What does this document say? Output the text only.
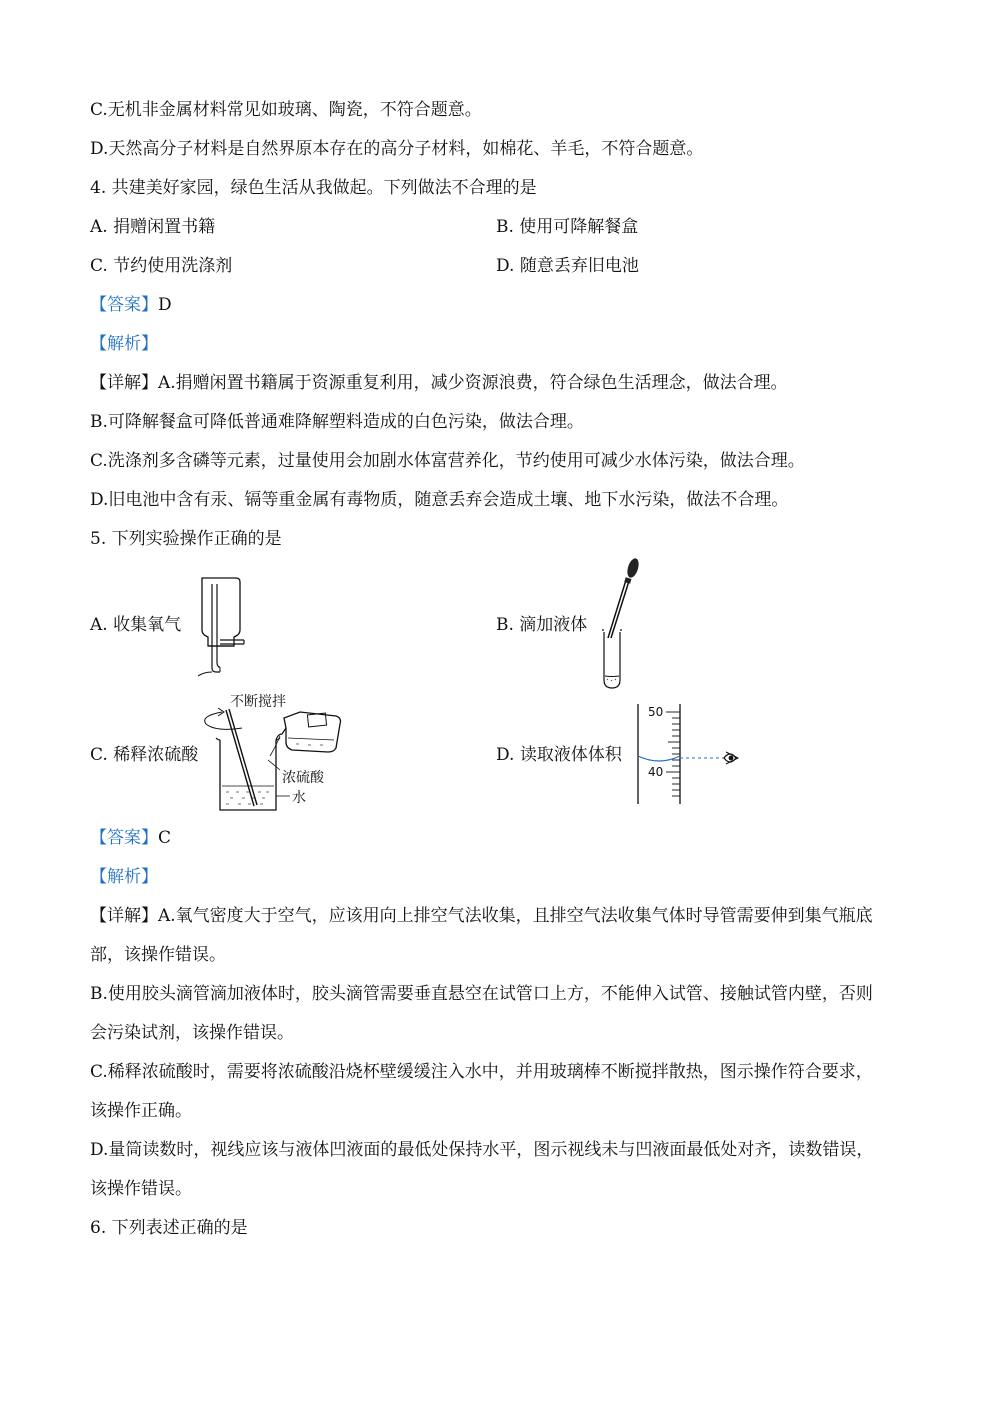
C.无机非金属材料常见如玻璃、陶瓷，不符合题意。
D.天然高分子材料是自然界原本存在的高分子材料，如棉花、羊毛，不符合题意。
4. 共建美好家园，绿色生活从我做起。下列做法不合理的是
A. 捐赠闲置书籍	B. 使用可降解餐盒
C. 节约使用洗涤剂	D. 随意丢弃旧电池
【答案】D
【解析】
【详解】A.捐赠闲置书籍属于资源重复利用，减少资源浪费，符合绿色生活理念，做法合理。
B.可降解餐盒可降低普通难降解塑料造成的白色污染，做法合理。
C.洗涤剂多含磷等元素，过量使用会加剧水体富营养化，节约使用可减少水体污染，做法合理。
D.旧电池中含有汞、镉等重金属有毒物质，随意丢弃会造成土壤、地下水污染，做法不合理。
5. 下列实验操作正确的是
A. 收集氧气	B. 滴加液体
C. 稀释浓硫酸
不断搅拌
浓硫酸
水
D. 读取液体体积
50
40
【答案】C
【解析】
【详解】A.氧气密度大于空气，应该用向上排空气法收集，且排空气法收集气体时导管需要伸到集气瓶底
部，该操作错误。
B.使用胶头滴管滴加液体时，胶头滴管需要垂直悬空在试管口上方，不能伸入试管、接触试管内壁，否则
会污染试剂，该操作错误。
C.稀释浓硫酸时，需要将浓硫酸沿烧杯壁缓缓注入水中，并用玻璃棒不断搅拌散热，图示操作符合要求，
该操作正确。
D.量筒读数时，视线应该与液体凹液面的最低处保持水平，图示视线未与凹液面最低处对齐，读数错误，
该操作错误。
6. 下列表述正确的是
